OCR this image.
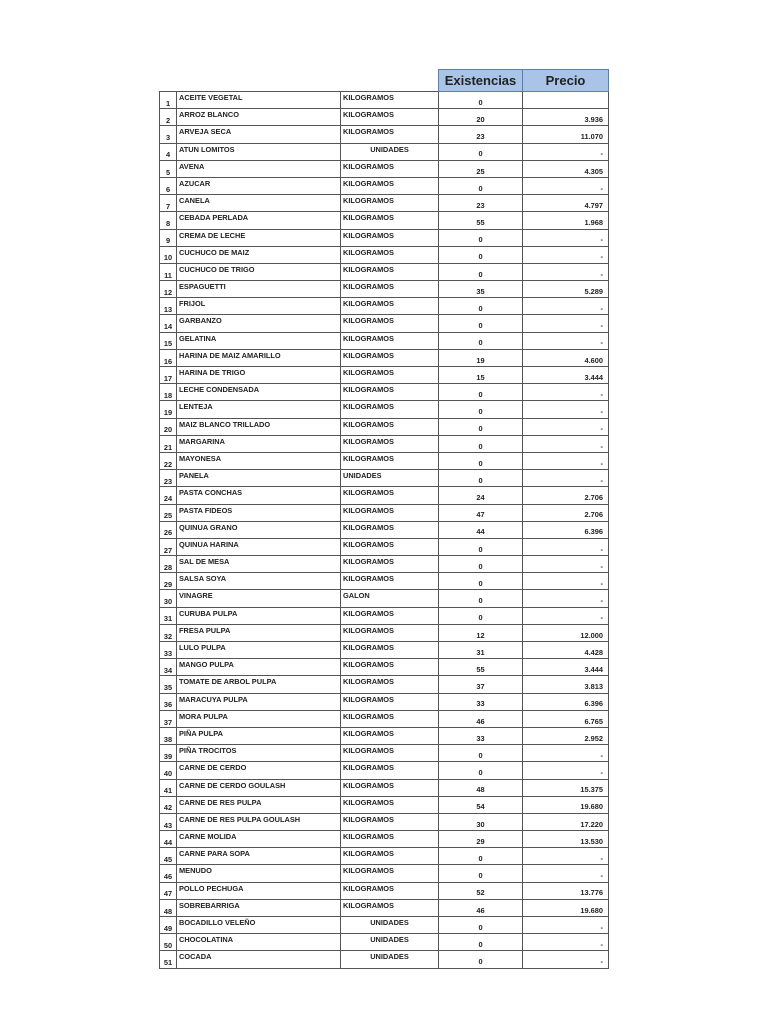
			Existencias	Precio
1	ACEITE VEGETAL	KILOGRAMOS	0	
2	ARROZ BLANCO	KILOGRAMOS	20	3.936
3	ARVEJA SECA	KILOGRAMOS	23	11.070
4	ATUN LOMITOS	UNIDADES	0	-
5	AVENA	KILOGRAMOS	25	4.305
6	AZUCAR	KILOGRAMOS	0	-
7	CANELA	KILOGRAMOS	23	4.797
8	CEBADA PERLADA	KILOGRAMOS	55	1.968
9	CREMA DE LECHE	KILOGRAMOS	0	-
10	CUCHUCO DE MAIZ	KILOGRAMOS	0	-
11	CUCHUCO DE TRIGO	KILOGRAMOS	0	-
12	ESPAGUETTI	KILOGRAMOS	35	5.289
13	FRIJOL	KILOGRAMOS	0	-
14	GARBANZO	KILOGRAMOS	0	-
15	GELATINA	KILOGRAMOS	0	-
16	HARINA DE MAIZ AMARILLO	KILOGRAMOS	19	4.600
17	HARINA DE TRIGO	KILOGRAMOS	15	3.444
18	LECHE CONDENSADA	KILOGRAMOS	0	-
19	LENTEJA	KILOGRAMOS	0	-
20	MAIZ BLANCO TRILLADO	KILOGRAMOS	0	-
21	MARGARINA	KILOGRAMOS	0	-
22	MAYONESA	KILOGRAMOS	0	-
23	PANELA	UNIDADES	0	-
24	PASTA CONCHAS	KILOGRAMOS	24	2.706
25	PASTA FIDEOS	KILOGRAMOS	47	2.706
26	QUINUA GRANO	KILOGRAMOS	44	6.396
27	QUINUA HARINA	KILOGRAMOS	0	-
28	SAL DE MESA	KILOGRAMOS	0	-
29	SALSA SOYA	KILOGRAMOS	0	-
30	VINAGRE	GALON	0	-
31	CURUBA PULPA	KILOGRAMOS	0	-
32	FRESA PULPA	KILOGRAMOS	12	12.000
33	LULO PULPA	KILOGRAMOS	31	4.428
34	MANGO PULPA	KILOGRAMOS	55	3.444
35	TOMATE DE ARBOL PULPA	KILOGRAMOS	37	3.813
36	MARACUYA PULPA	KILOGRAMOS	33	6.396
37	MORA PULPA	KILOGRAMOS	46	6.765
38	PIÑA PULPA	KILOGRAMOS	33	2.952
39	PIÑA TROCITOS	KILOGRAMOS	0	-
40	CARNE DE CERDO	KILOGRAMOS	0	-
41	CARNE DE CERDO GOULASH	KILOGRAMOS	48	15.375
42	CARNE DE RES PULPA	KILOGRAMOS	54	19.680
43	CARNE DE RES PULPA GOULASH	KILOGRAMOS	30	17.220
44	CARNE MOLIDA	KILOGRAMOS	29	13.530
45	CARNE PARA SOPA	KILOGRAMOS	0	-
46	MENUDO	KILOGRAMOS	0	-
47	POLLO PECHUGA	KILOGRAMOS	52	13.776
48	SOBREBARRIGA	KILOGRAMOS	46	19.680
49	BOCADILLO VELEÑO	UNIDADES	0	-
50	CHOCOLATINA	UNIDADES	0	-
51	COCADA	UNIDADES	0	-
